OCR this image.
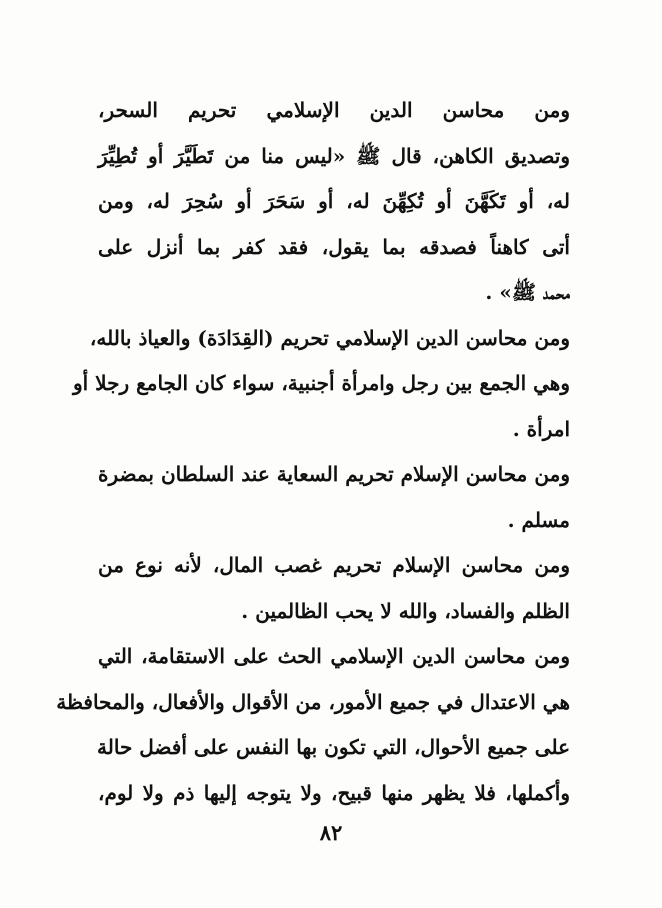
ومن محاسن الدين الإسلامي تحريم السحر،
وتصديق الكاهن، قال ﷺ «ليس منا من تَطَيَّرَ أو تُطِيِّرَ
له، أو تَكَهَّنَ أو تُكِهِّنَ له، أو سَحَرَ أو سُحِرَ له، ومن
أتى كاهناً فصدقه بما يقول، فقد كفر بما أنزل على
محمد ﷺ» .

ومن محاسن الدين الإسلامي تحريم (القِدَادَة) والعياذ بالله،
وهي الجمع بين رجل وامرأة أجنبية، سواء كان الجامع رجلا أو
امرأة .

ومن محاسن الإسلام تحريم السعاية عند السلطان بمضرة
مسلم .

ومن محاسن الإسلام تحريم غصب المال، لأنه نوع من
الظلم والفساد، والله لا يحب الظالمين .

ومن محاسن الدين الإسلامي الحث على الاستقامة، التي
هي الاعتدال في جميع الأمور، من الأقوال والأفعال، والمحافظة
على جميع الأحوال، التي تكون بها النفس على أفضل حالة
وأكملها، فلا يظهر منها قبيح، ولا يتوجه إليها ذم ولا لوم،

٨٢
